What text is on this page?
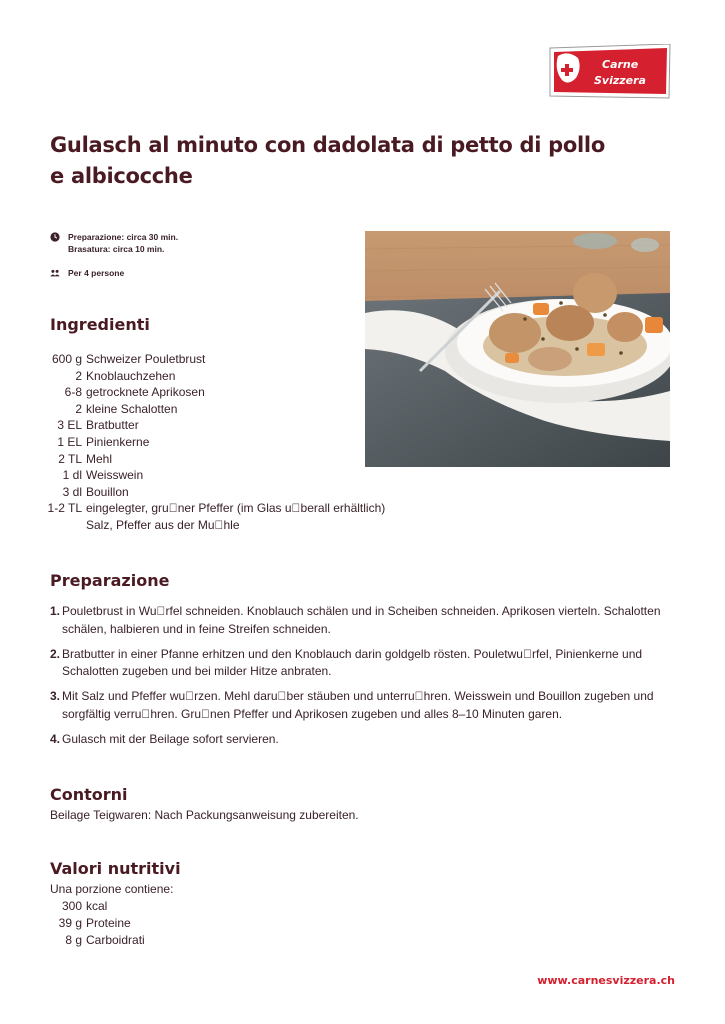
Carne
Svizzera
Gulasch al minuto con dadolata di petto di pollo
e albicocche
Preparazione: circa 30 min.
Brasatura: circa 10 min.
Per 4 persone
Ingredienti
600 g Schweizer Pouletbrust
2 Knoblauchzehen
6-8 getrocknete Aprikosen
2 kleine Schalotten
3 EL Bratbutter
1 EL Pinienkerne
2 TL Mehl
1 dl Weisswein
3 dl Bouillon
1-2 TL eingelegter, gru ner Pfeffer (im Glas u berall erhältlich)
Salz, Pfeffer aus der Mu hle
Preparazione
1. Pouletbrust in Wu rfel schneiden. Knoblauch schälen und in Scheiben schneiden. Aprikosen vierteln. Schalotten schälen, halbieren und in feine Streifen schneiden.
2. Bratbutter in einer Pfanne erhitzen und den Knoblauch darin goldgelb rösten. Pouletwu rfel, Pinienkerne und Schalotten zugeben und bei milder Hitze anbraten.
3. Mit Salz und Pfeffer wu rzen. Mehl daru ber stäuben und unterru hren. Weisswein und Bouillon zugeben und sorgfältig verru hren. Gru nen Pfeffer und Aprikosen zugeben und alles 8–10 Minuten garen.
4. Gulasch mit der Beilage sofort servieren.
Contorni
Beilage Teigwaren: Nach Packungsanweisung zubereiten.
Valori nutritivi
Una porzione contiene:
300 kcal
39 g Proteine
8 g Carboidrati
www.carnesvizzera.ch
